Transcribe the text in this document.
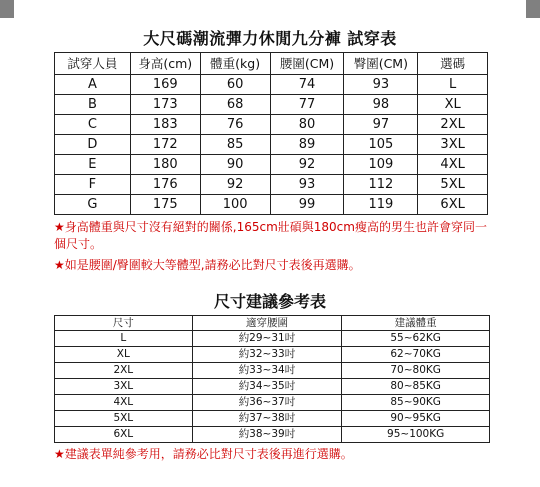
大尺碼潮流彈力休閒九分褲 試穿表
試穿人員	身高(cm)	體重(kg)	腰圍(CM)	臀圍(CM)	選碼
A	169	60	74	93	L
B	173	68	77	98	XL
C	183	76	80	97	2XL
D	172	85	89	105	3XL
E	180	90	92	109	4XL
F	176	92	93	112	5XL
G	175	100	99	119	6XL
★身高體重與尺寸沒有絕對的關係,165cm壯碩與180cm瘦高的男生也許會穿同一個尺寸。
★如是腰圍/臀圍較大等體型,請務必比對尺寸表後再選購。
尺寸建議參考表
尺寸	適穿腰圍	建議體重
L	約29~31吋	55~62KG
XL	約32~33吋	62~70KG
2XL	約33~34吋	70~80KG
3XL	約34~35吋	80~85KG
4XL	約36~37吋	85~90KG
5XL	約37~38吋	90~95KG
6XL	約38~39吋	95~100KG
★建議表單純參考用，請務必比對尺寸表後再進行選購。
